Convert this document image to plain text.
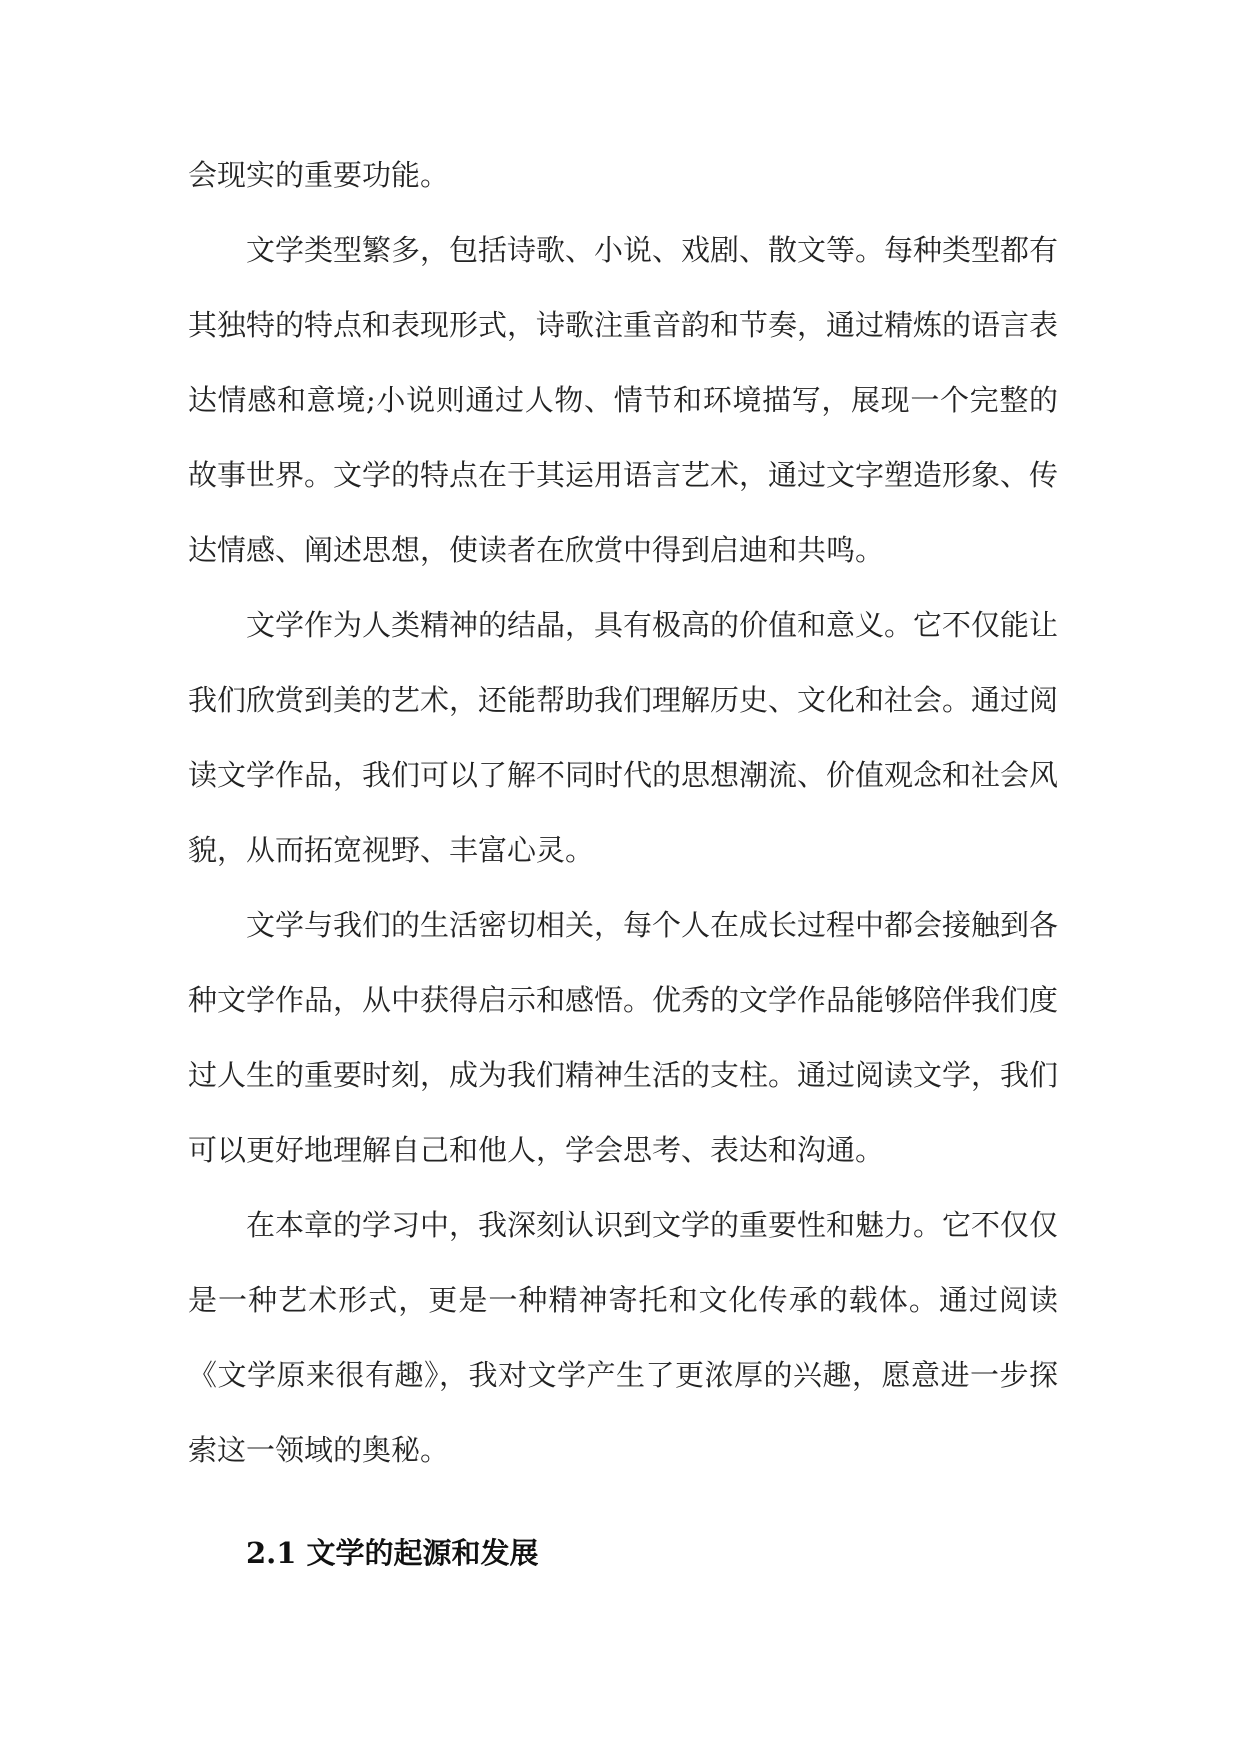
会现实的重要功能。

文学类型繁多，包括诗歌、小说、戏剧、散文等。每种类型都有其独特的特点和表现形式，诗歌注重音韵和节奏，通过精炼的语言表达情感和意境;小说则通过人物、情节和环境描写，展现一个完整的故事世界。文学的特点在于其运用语言艺术，通过文字塑造形象、传达情感、阐述思想，使读者在欣赏中得到启迪和共鸣。

文学作为人类精神的结晶，具有极高的价值和意义。它不仅能让我们欣赏到美的艺术，还能帮助我们理解历史、文化和社会。通过阅读文学作品，我们可以了解不同时代的思想潮流、价值观念和社会风貌，从而拓宽视野、丰富心灵。

文学与我们的生活密切相关，每个人在成长过程中都会接触到各种文学作品，从中获得启示和感悟。优秀的文学作品能够陪伴我们度过人生的重要时刻，成为我们精神生活的支柱。通过阅读文学，我们可以更好地理解自己和他人，学会思考、表达和沟通。

在本章的学习中，我深刻认识到文学的重要性和魅力。它不仅仅是一种艺术形式，更是一种精神寄托和文化传承的载体。通过阅读《文学原来很有趣》，我对文学产生了更浓厚的兴趣，愿意进一步探索这一领域的奥秘。

2.1 文学的起源和发展
